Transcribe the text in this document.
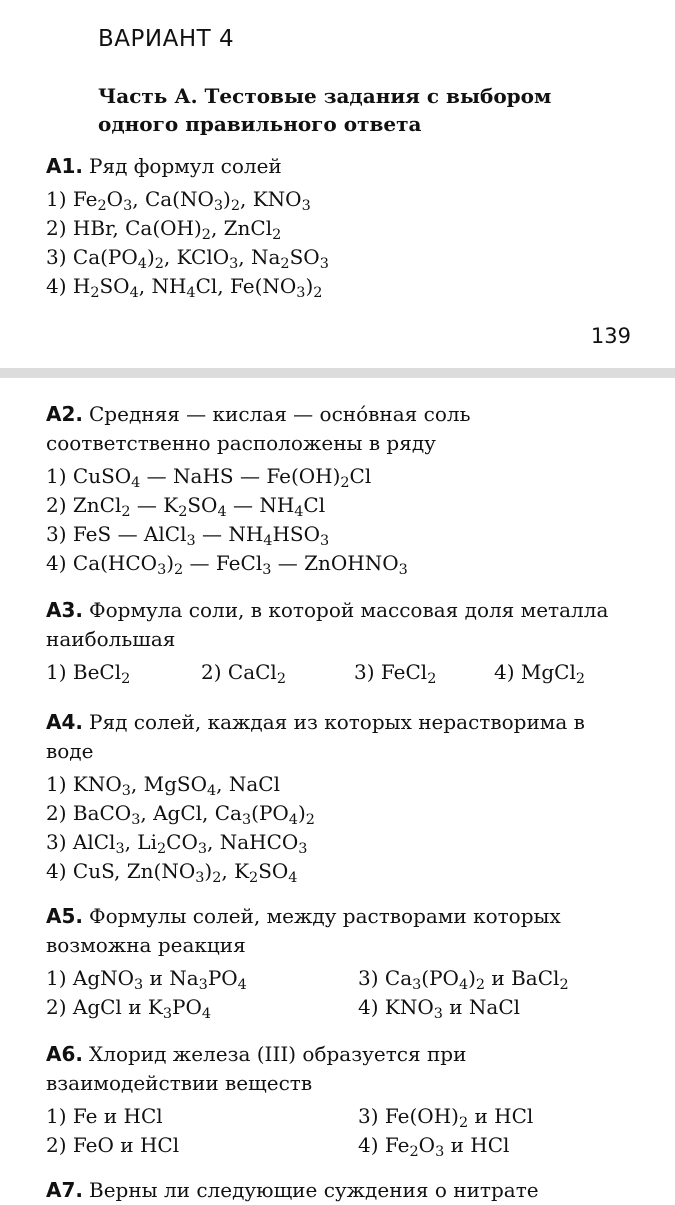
ВАРИАНТ 4
Часть А. Тестовые задания с выбором одного правильного ответа
А1. Ряд формул солей
1) $Fe_2O_3$, $Ca(NO_3)_2$, $KNO_3$
2) HBr, $Ca(OH)_2$, ZnCl$_2$
3) $Ca(PO_4)_2$, KClO$_3$, $Na_2SO_3$
4) $H_2SO_4$, $NH_4Cl$, $Fe(NO_3)_2$
139
А2. Средняя — кислая — осно́вная соль соответственно расположены в ряду
1) CuSO$_4$ — NaHS — $Fe(OH)_2Cl$
2) ZnCl$_2$ — $K_2SO_4$ — $NH_4Cl$
3) FeS — AlCl$_3$ — $NH_4HSO_3$
4) $Ca(HCO_3)_2$ — FeCl$_3$ — ZnOHNO$_3$
А3. Формула соли, в которой массовая доля металла наибольшая
1) BeCl$_2$	2) CaCl$_2$	3) FeCl$_2$	4) MgCl$_2$
А4. Ряд солей, каждая из которых нерастворима в воде
1) $KNO_3$, MgSO$_4$, NaCl
2) BaCO$_3$, AgCl, $Ca_3(PO_4)_2$
3) AlCl$_3$, $Li_2CO_3$, NaHCO$_3$
4) CuS, $Zn(NO_3)_2$, $K_2SO_4$
А5. Формулы солей, между растворами которых возможна реакция
1) AgNO$_3$ и $Na_3PO_4$	3) $Ca_3(PO_4)_2$ и BaCl$_2$
2) AgCl и $K_3PO_4$	4) $KNO_3$ и NaCl
А6. Хлорид железа (III) образуется при взаимодействии веществ
1) Fe и HCl	3) $Fe(OH)_2$ и HCl
2) FeO и HCl	4) $Fe_2O_3$ и HCl
А7. Верны ли следующие суждения о нитрате
